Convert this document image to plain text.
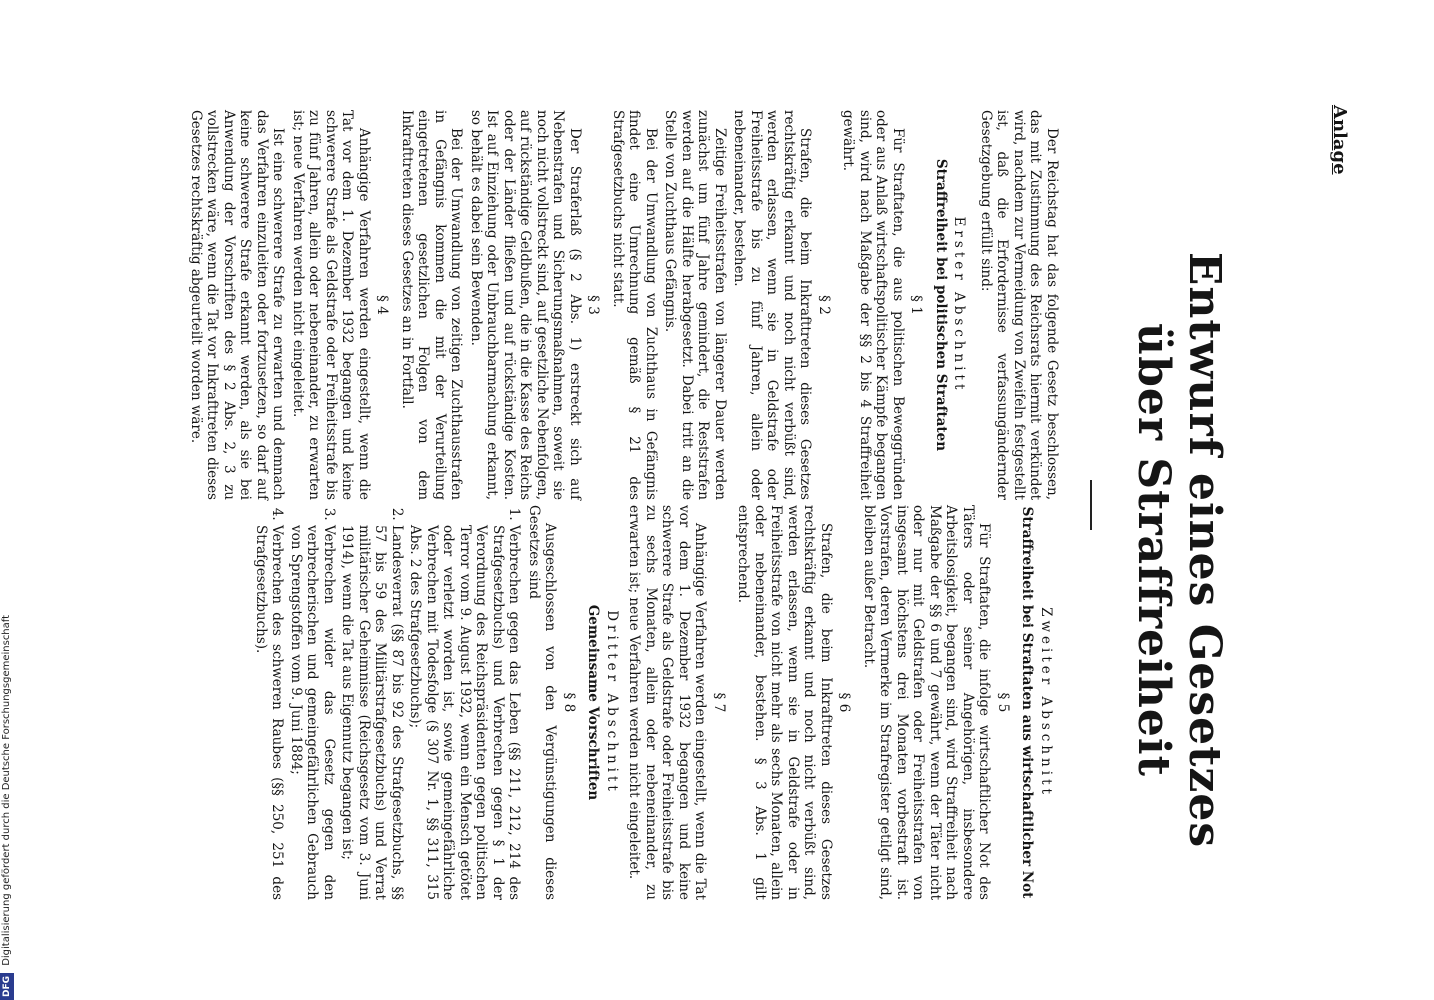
Anlage
Entwurf eines Gesetzes über Straffreiheit

Der Reichstag hat das folgende Gesetz beschlossen, das mit Zustimmung des Reichsrats hiermit verkündet wird, nachdem zur Vermeidung von Zweifeln festgestellt ist, daß die Erfordernisse verfassungändernder Gesetzgebung erfüllt sind:

Erster Abschnitt
Straffreiheit bei politischen Straftaten
§ 1

Für Straftaten, die aus politischen Beweggründen oder aus Anlaß wirtschaftspolitischer Kämpfe begangen sind, wird nach Maßgabe der §§ 2 bis 4 Straffreiheit gewährt.

§ 2

Strafen, die beim Inkrafttreten dieses Gesetzes rechtskräftig erkannt und noch nicht verbüßt sind, werden erlassen, wenn sie in Geldstrafe oder Freiheitsstrafe bis zu fünf Jahren, allein oder nebeneinander, bestehen.

Zeitige Freiheitsstrafen von längerer Dauer werden zunächst um fünf Jahre gemindert, die Reststrafen werden auf die Hälfte herabgesetzt. Dabei tritt an die Stelle von Zuchthaus Gefängnis.

Bei der Umwandlung von Zuchthaus in Gefängnis findet eine Umrechnung gemäß § 21 des Strafgesetzbuchs nicht statt.

§ 3

Der Straferlaß (§ 2 Abs. 1) erstreckt sich auf Nebenstrafen und Sicherungsmaßnahmen, soweit sie noch nicht vollstreckt sind, auf gesetzliche Nebenfolgen, auf rückständige Geldbußen, die in die Kasse des Reichs oder der Länder fließen und auf rückständige Kosten. Ist auf Einziehung oder Unbrauchbarmachung erkannt, so behält es dabei sein Bewenden.

Bei der Umwandlung von zeitigen Zuchthausstrafen in Gefängnis kommen die mit der Verurteilung eingetretenen gesetzlichen Folgen von dem Inkrafttreten dieses Gesetzes an in Fortfall.

§ 4

Anhängige Verfahren werden eingestellt, wenn die Tat vor dem 1. Dezember 1932 begangen und keine schwerere Strafe als Geldstrafe oder Freiheitsstrafe bis zu fünf Jahren, allein oder nebeneinander, zu erwarten ist; neue Verfahren werden nicht eingeleitet.

Ist eine schwerere Strafe zu erwarten und demnach das Verfahren einzuleiten oder fortzusetzen, so darf auf keine schwerere Strafe erkannt werden, als sie bei Anwendung der Vorschriften des § 2 Abs. 2, 3 zu vollstrecken wäre, wenn die Tat vor Inkrafttreten dieses Gesetzes rechtskräftig abgeurteilt worden wäre.

Zweiter Abschnitt
Straffreiheit bei Straftaten aus wirtschaftlicher Not
§ 5

Für Straftaten, die infolge wirtschaftlicher Not des Täters oder seiner Angehörigen, insbesondere Arbeitslosigkeit, begangen sind, wird Straffreiheit nach Maßgabe der §§ 6 und 7 gewährt, wenn der Täter nicht oder nur mit Geldstrafen oder Freiheitsstrafen von insgesamt höchstens drei Monaten vorbestraft ist. Vorstrafen, deren Vermerke im Strafregister getilgt sind, bleiben außer Betracht.

§ 6

Strafen, die beim Inkrafttreten dieses Gesetzes rechtskräftig erkannt und noch nicht verbüßt sind, werden erlassen, wenn sie in Geldstrafe oder in Freiheitsstrafe von nicht mehr als sechs Monaten, allein oder nebeneinander, bestehen. § 3 Abs. 1 gilt entsprechend.

§ 7

Anhängige Verfahren werden eingestellt, wenn die Tat vor dem 1. Dezember 1932 begangen und keine schwerere Strafe als Geldstrafe oder Freiheitsstrafe bis zu sechs Monaten, allein oder nebeneinander, zu erwarten ist; neue Verfahren werden nicht eingeleitet.

Dritter Abschnitt
Gemeinsame Vorschriften
§ 8

Ausgeschlossen von den Vergünstigungen dieses Gesetzes sind

1. Verbrechen gegen das Leben (§§ 211, 212, 214 des Strafgesetzbuchs) und Verbrechen gegen § 1 der Verordnung des Reichspräsidenten gegen politischen Terror vom 9. August 1932, wenn ein Mensch getötet oder verletzt worden ist, sowie gemeingefährliche Verbrechen mit Todesfolge (§ 307 Nr. 1, §§ 311, 315 Abs. 2 des Strafgesetzbuchs);
2. Landesverrat (§§ 87 bis 92 des Strafgesetzbuchs, §§ 57 bis 59 des Militärstrafgesetzbuchs) und Verrat militärischer Geheimnisse (Reichsgesetz vom 3. Juni 1914), wenn die Tat aus Eigennutz begangen ist;
3. Verbrechen wider das Gesetz gegen den verbrecherischen und gemeingefährlichen Gebrauch von Sprengstoffen vom 9. Juni 1884;
4. Verbrechen des schweren Raubes (§§ 250, 251 des Strafgesetzbuchs).
DFG Digitalisierung gefördert durch die Deutsche Forschungsgemeinschaft
